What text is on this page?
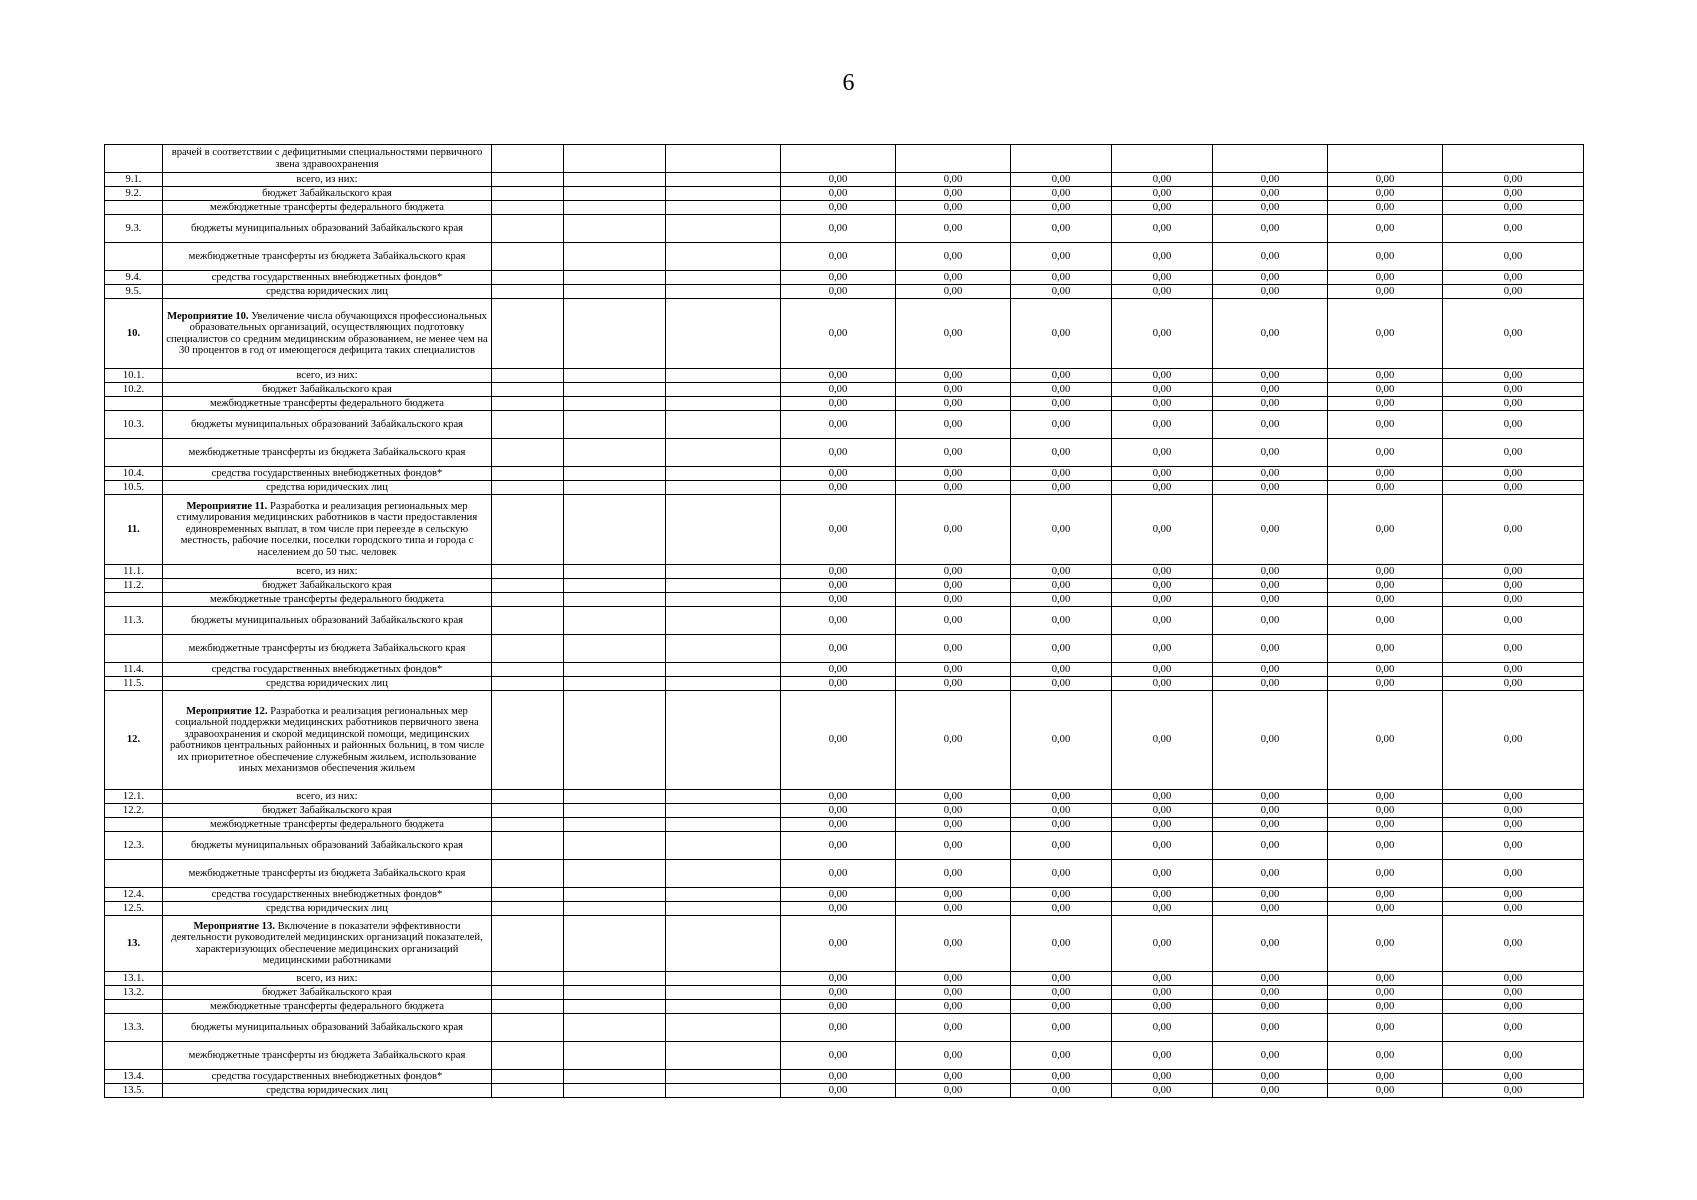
6
	врачей в соответствии с дефицитными специальностями первичного звена здравоохранения										
9.1.	всего, из них:				0,00	0,00	0,00	0,00	0,00	0,00	0,00
9.2.	бюджет Забайкальского края				0,00	0,00	0,00	0,00	0,00	0,00	0,00
	межбюджетные трансферты федерального бюджета				0,00	0,00	0,00	0,00	0,00	0,00	0,00
9.3.	бюджеты муниципальных образований Забайкальского края				0,00	0,00	0,00	0,00	0,00	0,00	0,00
	межбюджетные трансферты из бюджета Забайкальского края				0,00	0,00	0,00	0,00	0,00	0,00	0,00
9.4.	средства государственных внебюджетных фондов*				0,00	0,00	0,00	0,00	0,00	0,00	0,00
9.5.	средства юридических лиц				0,00	0,00	0,00	0,00	0,00	0,00	0,00
10.	Мероприятие 10. Увеличение числа обучающихся профессиональных образовательных организаций, осуществляющих подготовку специалистов со средним медицинским образованием, не менее чем на 30 процентов в год от имеющегося дефицита таких специалистов				0,00	0,00	0,00	0,00	0,00	0,00	0,00
10.1.	всего, из них:				0,00	0,00	0,00	0,00	0,00	0,00	0,00
10.2.	бюджет Забайкальского края				0,00	0,00	0,00	0,00	0,00	0,00	0,00
	межбюджетные трансферты федерального бюджета				0,00	0,00	0,00	0,00	0,00	0,00	0,00
10.3.	бюджеты муниципальных образований Забайкальского края				0,00	0,00	0,00	0,00	0,00	0,00	0,00
	межбюджетные трансферты из бюджета Забайкальского края				0,00	0,00	0,00	0,00	0,00	0,00	0,00
10.4.	средства государственных внебюджетных фондов*				0,00	0,00	0,00	0,00	0,00	0,00	0,00
10.5.	средства юридических лиц				0,00	0,00	0,00	0,00	0,00	0,00	0,00
11.	Мероприятие 11. Разработка и реализация региональных мер стимулирования медицинских работников в части предоставления единовременных выплат, в том числе при переезде в сельскую местность, рабочие поселки, поселки городского типа и города с населением до 50 тыс. человек				0,00	0,00	0,00	0,00	0,00	0,00	0,00
11.1.	всего, из них:				0,00	0,00	0,00	0,00	0,00	0,00	0,00
11.2.	бюджет Забайкальского края				0,00	0,00	0,00	0,00	0,00	0,00	0,00
	межбюджетные трансферты федерального бюджета				0,00	0,00	0,00	0,00	0,00	0,00	0,00
11.3.	бюджеты муниципальных образований Забайкальского края				0,00	0,00	0,00	0,00	0,00	0,00	0,00
	межбюджетные трансферты из бюджета Забайкальского края				0,00	0,00	0,00	0,00	0,00	0,00	0,00
11.4.	средства государственных внебюджетных фондов*				0,00	0,00	0,00	0,00	0,00	0,00	0,00
11.5.	средства юридических лиц				0,00	0,00	0,00	0,00	0,00	0,00	0,00
12.	Мероприятие 12. Разработка и реализация региональных мер социальной поддержки медицинских работников первичного звена здравоохранения и скорой медицинской помощи, медицинских работников центральных районных и районных больниц, в том числе их приоритетное обеспечение служебным жильем, использование иных механизмов обеспечения жильем				0,00	0,00	0,00	0,00	0,00	0,00	0,00
12.1.	всего, из них:				0,00	0,00	0,00	0,00	0,00	0,00	0,00
12.2.	бюджет Забайкальского края				0,00	0,00	0,00	0,00	0,00	0,00	0,00
	межбюджетные трансферты федерального бюджета				0,00	0,00	0,00	0,00	0,00	0,00	0,00
12.3.	бюджеты муниципальных образований Забайкальского края				0,00	0,00	0,00	0,00	0,00	0,00	0,00
	межбюджетные трансферты из бюджета Забайкальского края				0,00	0,00	0,00	0,00	0,00	0,00	0,00
12.4.	средства государственных внебюджетных фондов*				0,00	0,00	0,00	0,00	0,00	0,00	0,00
12.5.	средства юридических лиц				0,00	0,00	0,00	0,00	0,00	0,00	0,00
13.	Мероприятие 13. Включение в показатели эффективности деятельности руководителей медицинских организаций показателей, характеризующих обеспечение медицинских организаций медицинскими работниками				0,00	0,00	0,00	0,00	0,00	0,00	0,00
13.1.	всего, из них:				0,00	0,00	0,00	0,00	0,00	0,00	0,00
13.2.	бюджет Забайкальского края				0,00	0,00	0,00	0,00	0,00	0,00	0,00
	межбюджетные трансферты федерального бюджета				0,00	0,00	0,00	0,00	0,00	0,00	0,00
13.3.	бюджеты муниципальных образований Забайкальского края				0,00	0,00	0,00	0,00	0,00	0,00	0,00
	межбюджетные трансферты из бюджета Забайкальского края				0,00	0,00	0,00	0,00	0,00	0,00	0,00
13.4.	средства государственных внебюджетных фондов*				0,00	0,00	0,00	0,00	0,00	0,00	0,00
13.5.	средства юридических лиц				0,00	0,00	0,00	0,00	0,00	0,00	0,00
